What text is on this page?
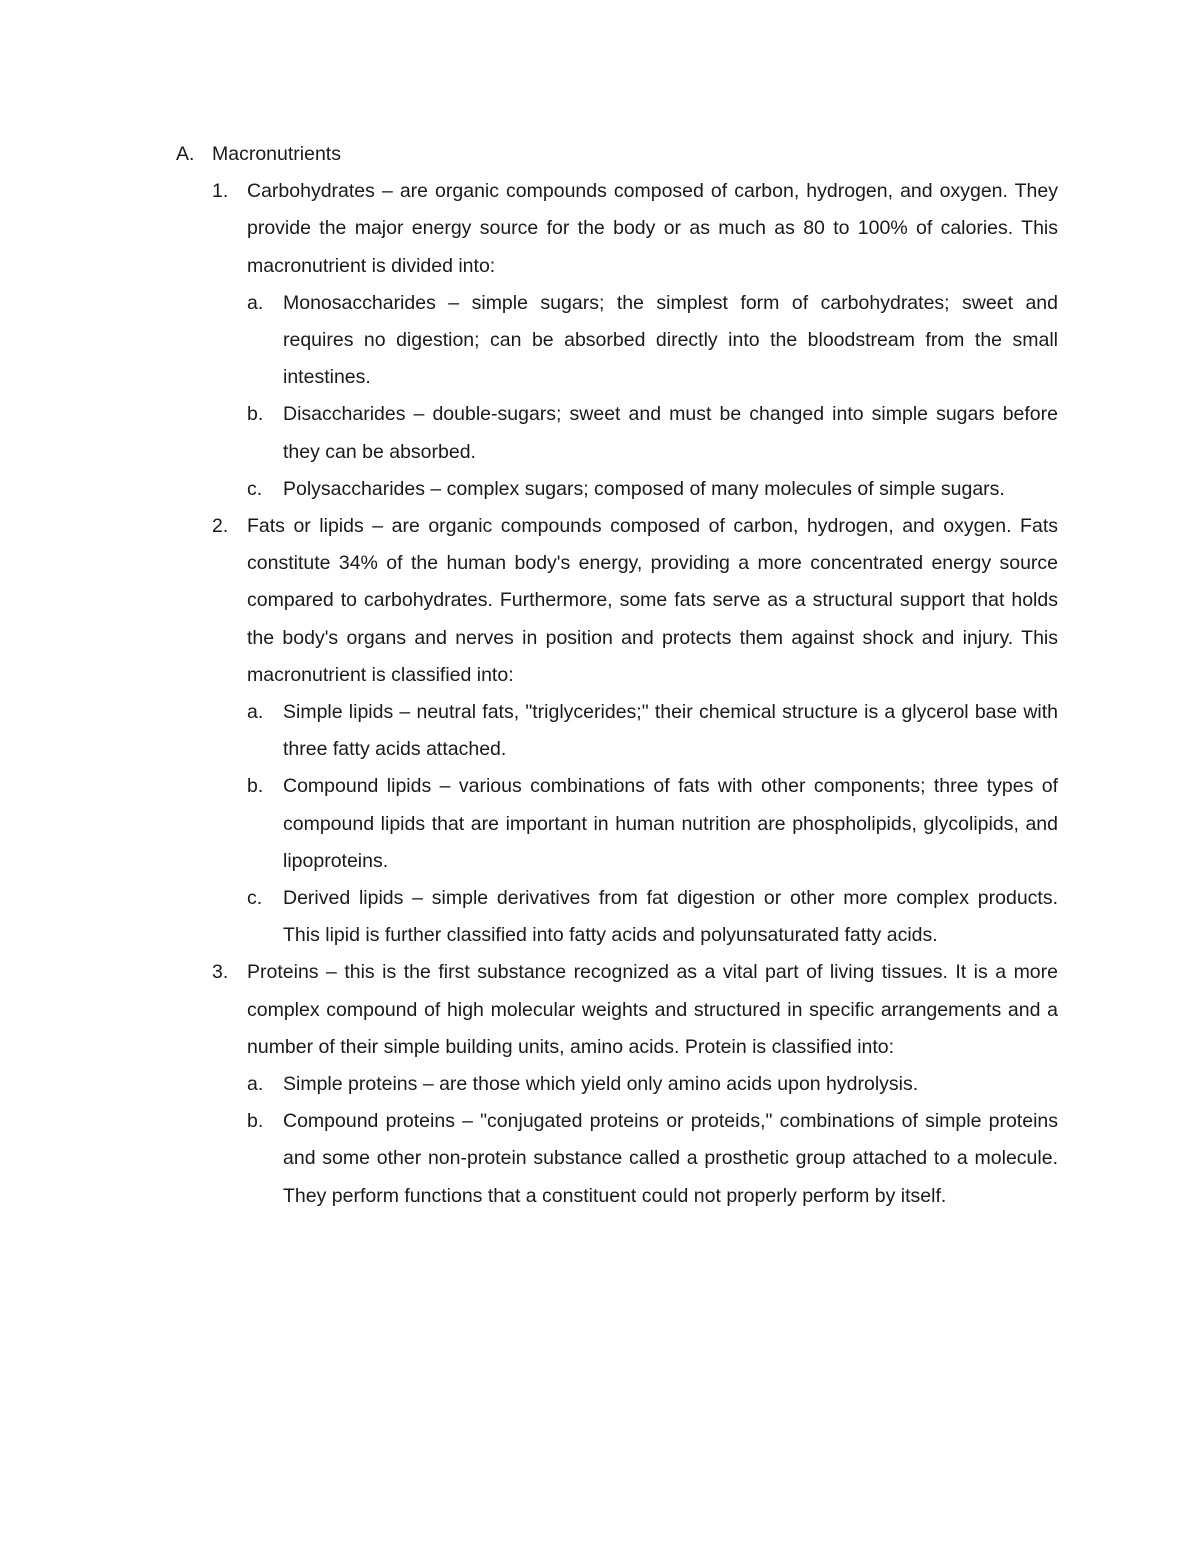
A. Macronutrients
1. Carbohydrates – are organic compounds composed of carbon, hydrogen, and oxygen. They provide the major energy source for the body or as much as 80 to 100% of calories. This macronutrient is divided into:
a.	Monosaccharides – simple sugars; the simplest form of carbohydrates; sweet and requires no digestion; can be absorbed directly into the bloodstream from the small intestines.
b.	Disaccharides – double-sugars; sweet and must be changed into simple sugars before they can be absorbed.
c.	Polysaccharides – complex sugars; composed of many molecules of simple sugars.
2. Fats or lipids – are organic compounds composed of carbon, hydrogen, and oxygen. Fats constitute 34% of the human body's energy, providing a more concentrated energy source compared to carbohydrates. Furthermore, some fats serve as a structural support that holds the body's organs and nerves in position and protects them against shock and injury. This macronutrient is classified into:
a.	Simple lipids – neutral fats, "triglycerides;" their chemical structure is a glycerol base with three fatty acids attached.
b.	Compound lipids – various combinations of fats with other components; three types of compound lipids that are important in human nutrition are phospholipids, glycolipids, and lipoproteins.
c.	Derived lipids – simple derivatives from fat digestion or other more complex products. This lipid is further classified into fatty acids and polyunsaturated fatty acids.
3. Proteins – this is the first substance recognized as a vital part of living tissues. It is a more complex compound of high molecular weights and structured in specific arrangements and a number of their simple building units, amino acids. Protein is classified into:
a.	Simple proteins – are those which yield only amino acids upon hydrolysis.
b.	Compound proteins – "conjugated proteins or proteids," combinations of simple proteins and some other non-protein substance called a prosthetic group attached to a molecule. They perform functions that a constituent could not properly perform by itself.
